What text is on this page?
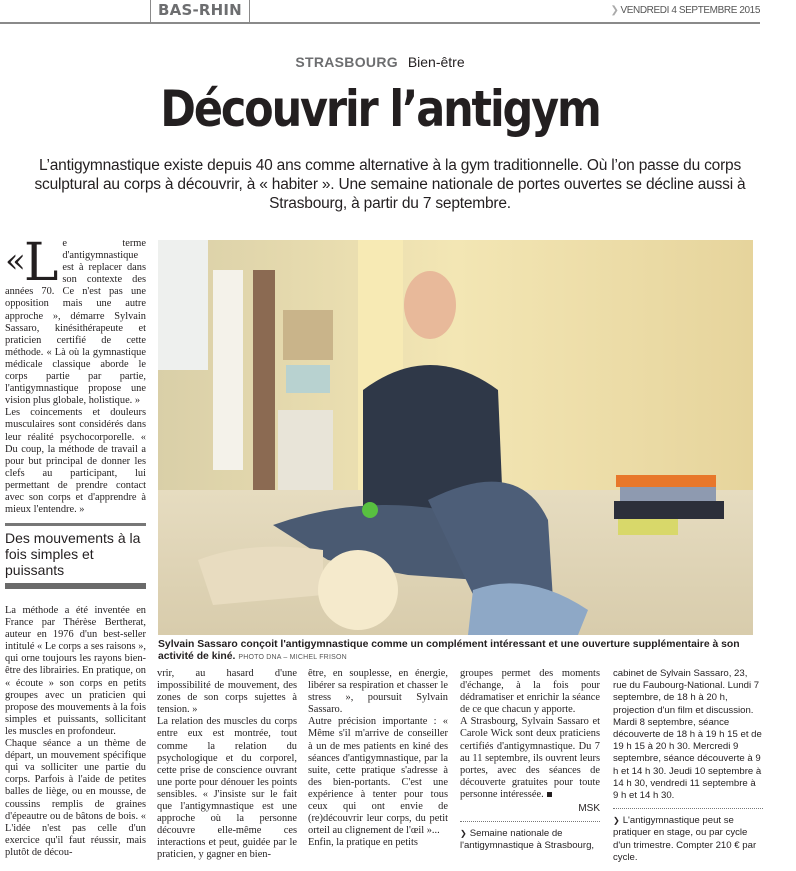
BAS-RHIN	❯ VENDREDI 4 SEPTEMBRE 2015
STRASBOURG Bien-être
Découvrir l’antigym
L’antigymnastique existe depuis 40 ans comme alternative à la gym traditionnelle. Où l’on passe du corps sculptural au corps à découvrir, à « habiter ». Une semaine nationale de portes ouvertes se décline aussi à Strasbourg, à partir du 7 septembre.
«L e terme d'antigymnastique est à replacer dans son contexte des années 70. Ce n'est pas une opposition mais une autre approche », démarre Sylvain Sassaro, kinésithérapeute et praticien certifié de cette méthode. « Là où la gymnastique médicale classique aborde le corps partie par partie, l'antigymnastique propose une vision plus globale, holistique. »

Les coincements et douleurs musculaires sont considérés dans leur réalité psychocorporelle. « Du coup, la méthode de travail a pour but principal de donner les clefs au participant, lui permettant de prendre contact avec son corps et d'apprendre à mieux l'entendre. »

Des mouvements à la fois simples et puissants

La méthode a été inventée en France par Thérèse Bertherat, auteur en 1976 d'un best-seller intitulé « Le corps a ses raisons », qui orne toujours les rayons bien-être des librairies. En pratique, on « écoute » son corps en petits groupes avec un praticien qui propose des mouvements à la fois simples et puissants, sollicitant les muscles en profondeur.

Chaque séance a un thème de départ, un mouvement spécifique qui va solliciter une partie du corps. Parfois à l'aide de petites balles de liège, ou en mousse, de coussins remplis de graines d'épeautre ou de bâtons de bois. « L'idée n'est pas celle d'un exercice qu'il faut réussir, mais plutôt de décou-

Sylvain Sassaro conçoit l'antigymnastique comme un complément intéressant et une ouverture supplémentaire à son activité de kiné. PHOTO DNA – MICHEL FRISON

vrir, au hasard d'une impossibilité de mouvement, des zones de son corps sujettes à tension. »

La relation des muscles du corps entre eux est montrée, tout comme la relation du psychologique et du corporel, cette prise de conscience ouvrant une porte pour dénouer les points sensibles. « J'insiste sur le fait que l'antigymnastique est une approche où la personne découvre elle-même ces interactions et peut, guidée par le praticien, y gagner en bien-

être, en souplesse, en énergie, libérer sa respiration et chasser le stress », poursuit Sylvain Sassaro.

Autre précision importante : « Même s'il m'arrive de conseiller à un de mes patients en kiné des séances d'antigymnastique, par la suite, cette pratique s'adresse à des bien-portants. C'est une expérience à tenter pour tous ceux qui ont envie de (re)découvrir leur corps, du petit orteil au clignement de l'œil »...

Enfin, la pratique en petits

groupes permet des moments d'échange, à la fois pour dédramatiser et enrichir la séance de ce que chacun y apporte.

A Strasbourg, Sylvain Sassaro et Carole Wick sont deux praticiens certifiés d'antigymnastique. Du 7 au 11 septembre, ils ouvrent leurs portes, avec des séances de découverte gratuites pour toute personne intéressée.

MSK
❯ Semaine nationale de l'antigymnastique à Strasbourg,
cabinet de Sylvain Sassaro, 23, rue du Faubourg-National. Lundi 7 septembre, de 18 h à 20 h, projection d'un film et discussion. Mardi 8 septembre, séance découverte de 18 h à 19 h 15 et de 19 h 15 à 20 h 30. Mercredi 9 septembre, séance découverte à 9 h et 14 h 30. Jeudi 10 septembre à 14 h 30, vendredi 11 septembre à 9 h et 14 h 30.
❯ L'antigymnastique peut se pratiquer en stage, ou par cycle d'un trimestre. Compter 210 € par cycle.
